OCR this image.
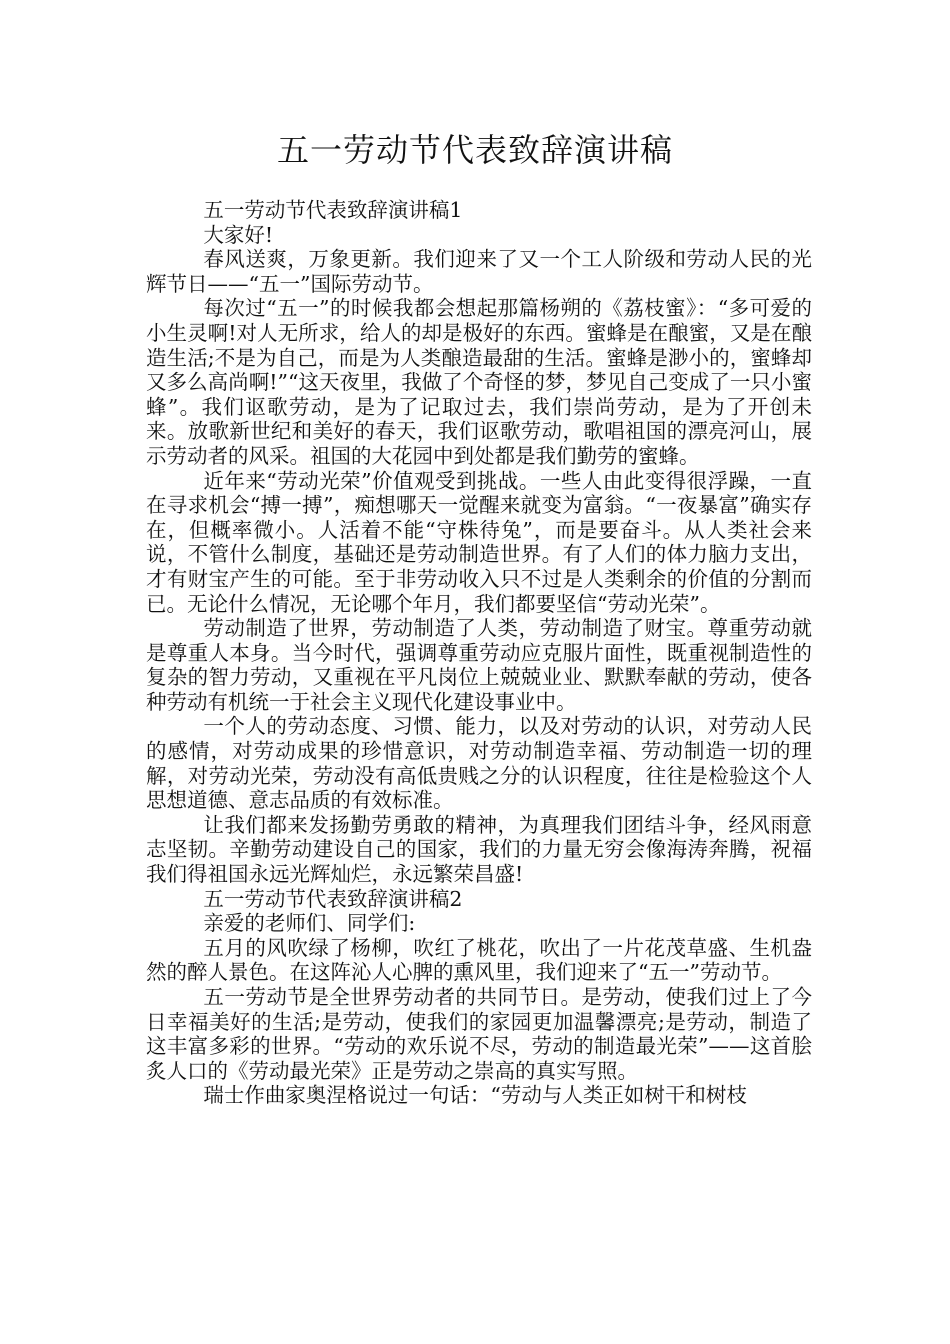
五一劳动节代表致辞演讲稿

五一劳动节代表致辞演讲稿1

大家好!

春风送爽，万象更新。我们迎来了又一个工人阶级和劳动人民的光辉节日——“五一”国际劳动节。

每次过“五一”的时候我都会想起那篇杨朔的《荔枝蜜》：“多可爱的小生灵啊!对人无所求，给人的却是极好的东西。蜜蜂是在酿蜜，又是在酿造生活;不是为自己，而是为人类酿造最甜的生活。蜜蜂是渺小的，蜜蜂却又多么高尚啊!”“这天夜里，我做了个奇怪的梦，梦见自己变成了一只小蜜蜂”。我们讴歌劳动，是为了记取过去，我们崇尚劳动，是为了开创未来。放歌新世纪和美好的春天，我们讴歌劳动，歌唱祖国的漂亮河山，展示劳动者的风采。祖国的大花园中到处都是我们勤劳的蜜蜂。

近年来“劳动光荣”价值观受到挑战。一些人由此变得很浮躁，一直在寻求机会“搏一搏”，痴想哪天一觉醒来就变为富翁。“一夜暴富”确实存在，但概率微小。人活着不能“守株待兔”，而是要奋斗。从人类社会来说，不管什么制度，基础还是劳动制造世界。有了人们的体力脑力支出，才有财宝产生的可能。至于非劳动收入只不过是人类剩余的价值的分割而已。无论什么情况，无论哪个年月，我们都要坚信“劳动光荣”。

劳动制造了世界，劳动制造了人类，劳动制造了财宝。尊重劳动就是尊重人本身。当今时代，强调尊重劳动应克服片面性，既重视制造性的复杂的智力劳动，又重视在平凡岗位上兢兢业业、默默奉献的劳动，使各种劳动有机统一于社会主义现代化建设事业中。

一个人的劳动态度、习惯、能力，以及对劳动的认识，对劳动人民的感情，对劳动成果的珍惜意识，对劳动制造幸福、劳动制造一切的理解，对劳动光荣，劳动没有高低贵贱之分的认识程度，往往是检验这个人思想道德、意志品质的有效标准。

让我们都来发扬勤劳勇敢的精神，为真理我们团结斗争，经风雨意志坚韧。辛勤劳动建设自己的国家，我们的力量无穷会像海涛奔腾，祝福我们得祖国永远光辉灿烂，永远繁荣昌盛!

五一劳动节代表致辞演讲稿2

亲爱的老师们、同学们:

五月的风吹绿了杨柳，吹红了桃花，吹出了一片花茂草盛、生机盎然的醉人景色。在这阵沁人心脾的熏风里，我们迎来了“五一”劳动节。

五一劳动节是全世界劳动者的共同节日。是劳动，使我们过上了今日幸福美好的生活;是劳动，使我们的家园更加温馨漂亮;是劳动，制造了这丰富多彩的世界。“劳动的欢乐说不尽，劳动的制造最光荣”——这首脍炙人口的《劳动最光荣》正是劳动之崇高的真实写照。

瑞士作曲家奥涅格说过一句话：“劳动与人类正如树干和树枝
